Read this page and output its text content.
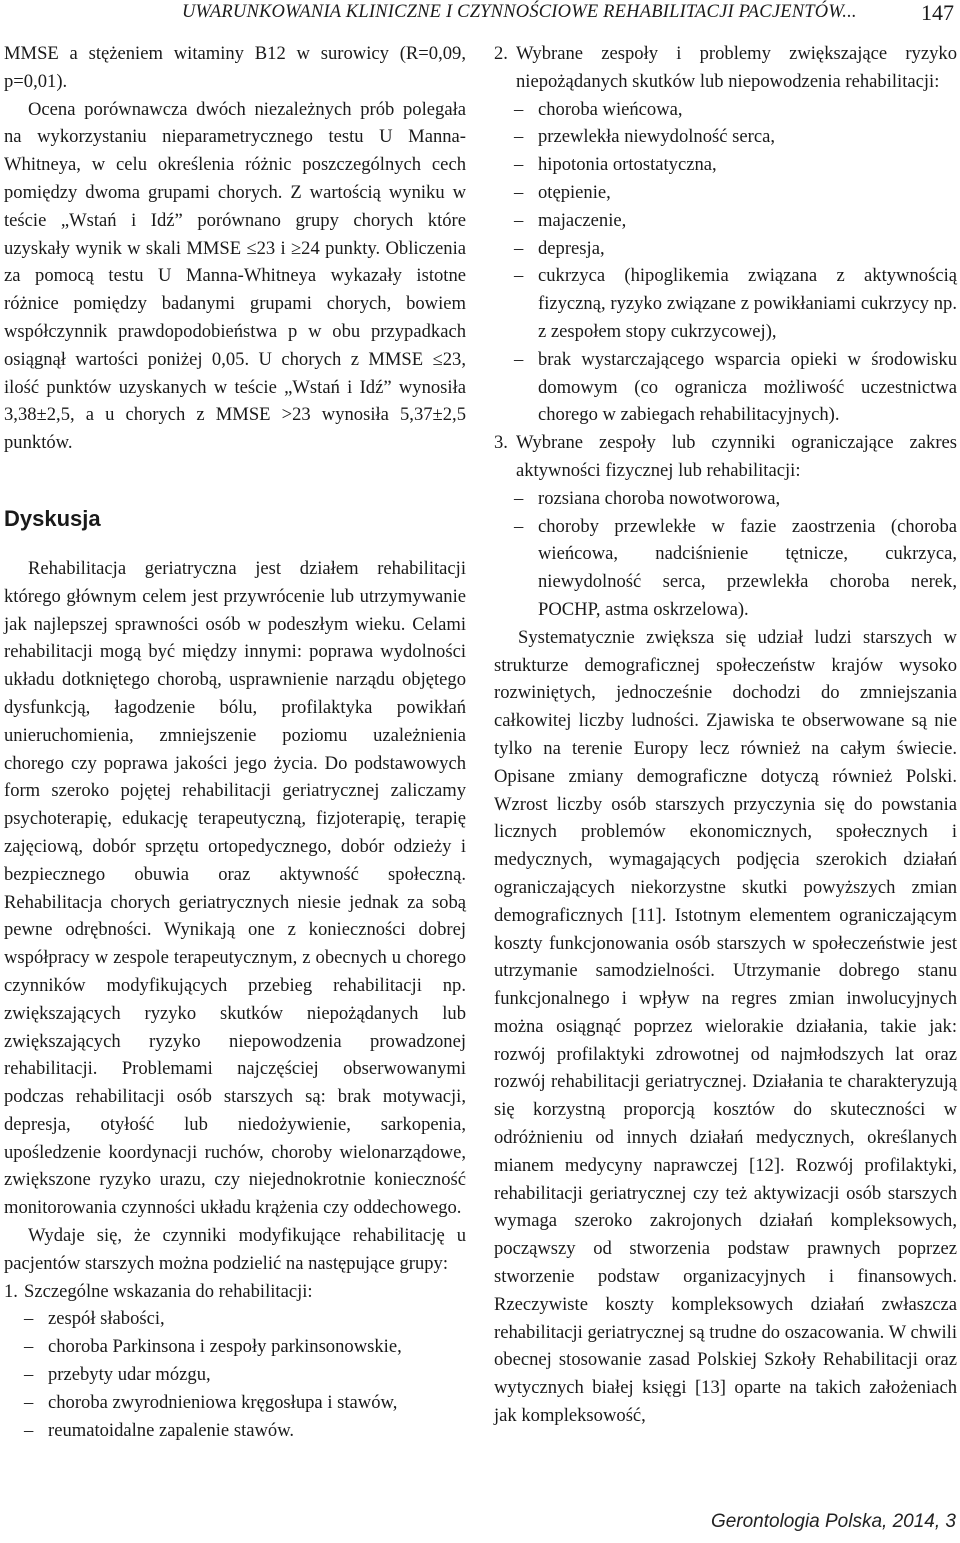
UWARUNKOWANIA KLINICZNE I CZYNNOŚCIOWE REHABILITACJI PACJENTÓW...	147

MMSE a stężeniem witaminy B12 w surowicy (R=0,09, p=0,01).

Ocena porównawcza dwóch niezależnych prób polegała na wykorzystaniu nieparametrycznego testu U Manna-Whitneya, w celu określenia różnic poszczególnych cech pomiędzy dwoma grupami chorych. Z wartością wyniku w teście „Wstań i Idź” porównano grupy chorych które uzyskały wynik w skali MMSE ≤23 i ≥24 punkty. Obliczenia za pomocą testu U Manna-Whitneya wykazały istotne różnice pomiędzy badanymi grupami chorych, bowiem współczynnik prawdopodobieństwa p w obu przypadkach osiągnął wartości poniżej 0,05. U chorych z MMSE ≤23, ilość punktów uzyskanych w teście „Wstań i Idź” wynosiła 3,38±2,5, a u chorych z MMSE >23 wynosiła 5,37±2,5 punktów.

Dyskusja

Rehabilitacja geriatryczna jest działem rehabilitacji którego głównym celem jest przywrócenie lub utrzymywanie jak najlepszej sprawności osób w podeszłym wieku. Celami rehabilitacji mogą być między innymi: poprawa wydolności układu dotkniętego chorobą, usprawnienie narządu objętego dysfunkcją, łagodzenie bólu, profilaktyka powikłań unieruchomienia, zmniejszenie poziomu uzależnienia chorego czy poprawa jakości jego życia. Do podstawowych form szeroko pojętej rehabilitacji geriatrycznej zaliczamy psychoterapię, edukację terapeutyczną, fizjoterapię, terapię zajęciową, dobór sprzętu ortopedycznego, dobór odzieży i bezpiecznego obuwia oraz aktywność społeczną. Rehabilitacja chorych geriatrycznych niesie jednak za sobą pewne odrębności. Wynikają one z konieczności dobrej współpracy w zespole terapeutycznym, z obecnych u chorego czynników modyfikujących przebieg rehabilitacji np. zwiększających ryzyko skutków niepożądanych lub zwiększających ryzyko niepowodzenia prowadzonej rehabilitacji. Problemami najczęściej obserwowanymi podczas rehabilitacji osób starszych są: brak motywacji, depresja, otyłość lub niedożywienie, sarkopenia, upośledzenie koordynacji ruchów, choroby wielonarządowe, zwiększone ryzyko urazu, czy niejednokrotnie konieczność monitorowania czynności układu krążenia czy oddechowego.

Wydaje się, że czynniki modyfikujące rehabilitację u pacjentów starszych można podzielić na następujące grupy:

1. Szczególne wskazania do rehabilitacji:
– zespół słabości,
– choroba Parkinsona i zespoły parkinsonowskie,
– przebyty udar mózgu,
– choroba zwyrodnieniowa kręgosłupa i stawów,
– reumatoidalne zapalenie stawów.
2. Wybrane zespoły i problemy zwiększające ryzyko niepożądanych skutków lub niepowodzenia rehabilitacji:
– choroba wieńcowa,
– przewlekła niewydolność serca,
– hipotonia ortostatyczna,
– otępienie,
– majaczenie,
– depresja,
– cukrzyca (hipoglikemia związana z aktywnością fizyczną, ryzyko związane z powikłaniami cukrzycy np. z zespołem stopy cukrzycowej),
– brak wystarczającego wsparcia opieki w środowisku domowym (co ogranicza możliwość uczestnictwa chorego w zabiegach rehabilitacyjnych).
3. Wybrane zespoły lub czynniki ograniczające zakres aktywności fizycznej lub rehabilitacji:
– rozsiana choroba nowotworowa,
– choroby przewlekłe w fazie zaostrzenia (choroba wieńcowa, nadciśnienie tętnicze, cukrzyca, niewydolność serca, przewlekła choroba nerek, POCHP, astma oskrzelowa).

Systematycznie zwiększa się udział ludzi starszych w strukturze demograficznej społeczeństw krajów wysoko rozwiniętych, jednocześnie dochodzi do zmniejszania całkowitej liczby ludności. Zjawiska te obserwowane są nie tylko na terenie Europy lecz również na całym świecie. Opisane zmiany demograficzne dotyczą również Polski. Wzrost liczby osób starszych przyczynia się do powstania licznych problemów ekonomicznych, społecznych i medycznych, wymagających podjęcia szerokich działań ograniczających niekorzystne skutki powyższych zmian demograficznych [11]. Istotnym elementem ograniczającym koszty funkcjonowania osób starszych w społeczeństwie jest utrzymanie samodzielności. Utrzymanie dobrego stanu funkcjonalnego i wpływ na regres zmian inwolucyjnych można osiągnąć poprzez wielorakie działania, takie jak: rozwój profilaktyki zdrowotnej od najmłodszych lat oraz rozwój rehabilitacji geriatrycznej. Działania te charakteryzują się korzystną proporcją kosztów do skuteczności w odróżnieniu od innych działań medycznych, określanych mianem medycyny naprawczej [12]. Rozwój profilaktyki, rehabilitacji geriatrycznej czy też aktywizacji osób starszych wymaga szeroko zakrojonych działań kompleksowych, począwszy od stworzenia podstaw prawnych poprzez stworzenie podstaw organizacyjnych i finansowych. Rzeczywiste koszty kompleksowych działań zwłaszcza rehabilitacji geriatrycznej są trudne do oszacowania. W chwili obecnej stosowanie zasad Polskiej Szkoły Rehabilitacji oraz wytycznych białej księgi [13] oparte na takich założeniach jak kompleksowość,

Gerontologia Polska, 2014, 3
